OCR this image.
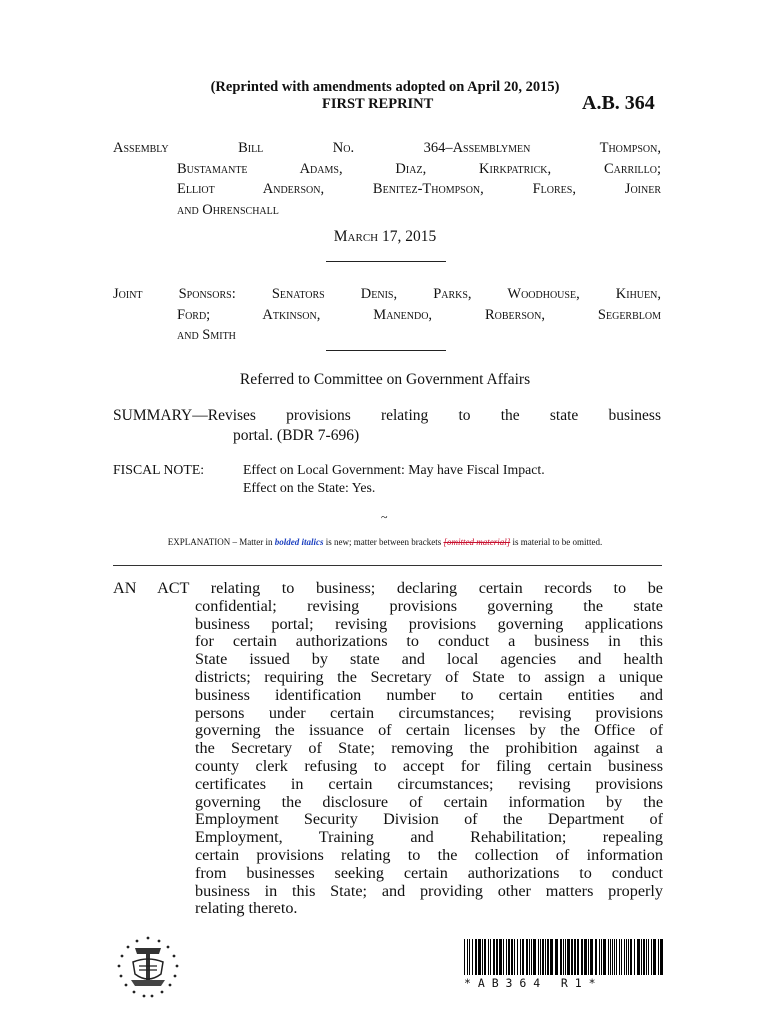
(Reprinted with amendments adopted on April 20, 2015)
FIRST REPRINT	A.B. 364
Assembly Bill No. 364–Assemblymen Thompson,
Bustamante Adams, Diaz, Kirkpatrick, Carrillo;
Elliot Anderson, Benitez-Thompson, Flores, Joiner
and Ohrenschall
March 17, 2015
Joint Sponsors: Senators Denis, Parks, Woodhouse, Kihuen,
Ford; Atkinson, Manendo, Roberson, Segerblom
and Smith
Referred to Committee on Government Affairs
SUMMARY—Revises provisions relating to the state business
portal. (BDR 7-696)
FISCAL NOTE:	Effect on Local Government: May have Fiscal Impact.
Effect on the State: Yes.
~
EXPLANATION – Matter in bolded italics is new; matter between brackets [omitted material] is material to be omitted.
AN ACT relating to business; declaring certain records to be
confidential; revising provisions governing the state
business portal; revising provisions governing applications
for certain authorizations to conduct a business in this
State issued by state and local agencies and health
districts; requiring the Secretary of State to assign a unique
business identification number to certain entities and
persons under certain circumstances; revising provisions
governing the issuance of certain licenses by the Office of
the Secretary of State; removing the prohibition against a
county clerk refusing to accept for filing certain business
certificates in certain circumstances; revising provisions
governing the disclosure of certain information by the
Employment Security Division of the Department of
Employment, Training and Rehabilitation; repealing
certain provisions relating to the collection of information
from businesses seeking certain authorizations to conduct
business in this State; and providing other matters properly
relating thereto.
* A B 3 6 4   R 1 *
